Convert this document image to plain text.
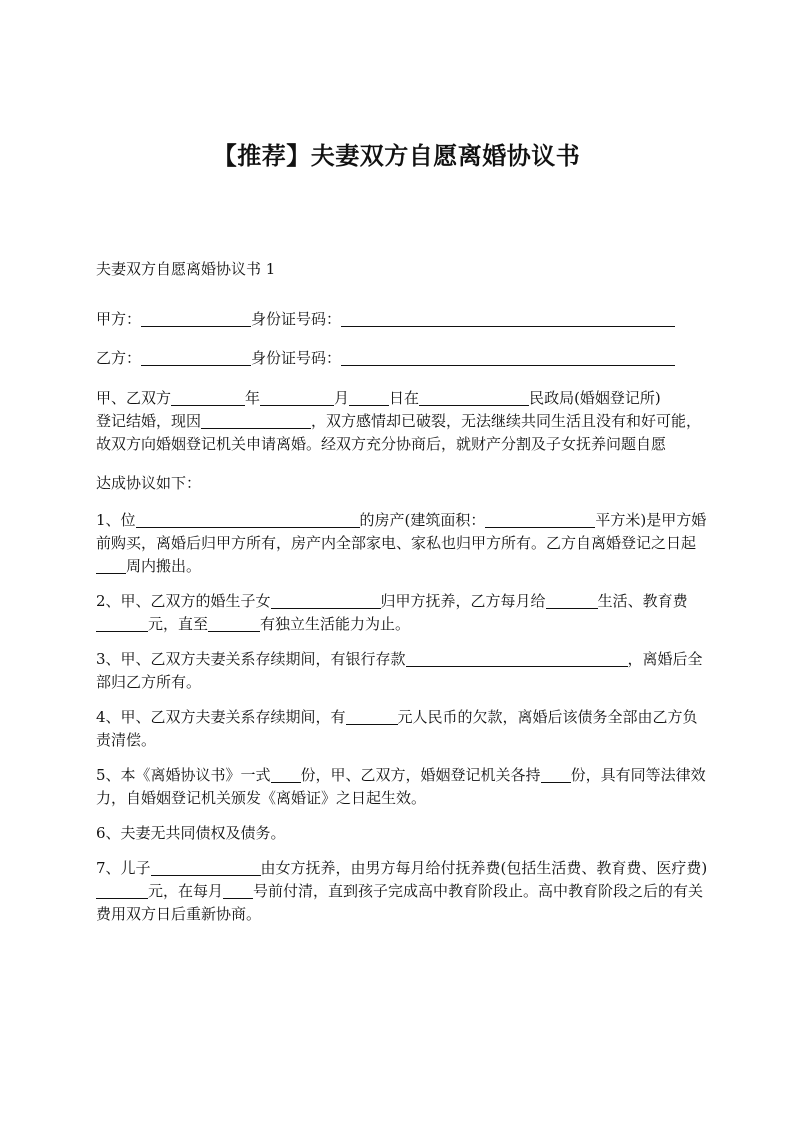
【推荐】夫妻双方自愿离婚协议书

夫妻双方自愿离婚协议书 1

甲方：	身份证号码：

乙方：	身份证号码：

甲、乙双方	年	月	日在	民政局(婚姻登记所)
登记结婚，现因	，双方感情却已破裂，无法继续共同生活且没有和好可能，故双方向婚姻登记机关申请离婚。经双方充分协商后，就财产分割及子女抚养问题自愿

达成协议如下：

1、位	的房产(建筑面积：	平方米)是甲方婚前购买，离婚后归甲方所有，房产内全部家电、家私也归甲方所有。乙方自离婚登记之日起周内搬出。

2、甲、乙双方的婚生子女	归甲方抚养，乙方每月给	生活、教育费元，直至	有独立生活能力为止。

3、甲、乙双方夫妻关系存续期间，有银行存款	，离婚后全部归乙方所有。

4、甲、乙双方夫妻关系存续期间，有	元人民币的欠款，离婚后该债务全部由乙方负责清偿。

5、本《离婚协议书》一式 份，甲、乙双方，婚姻登记机关各持 份，具有同等法律效力，自婚姻登记机关颁发《离婚证》之日起生效。

6、夫妻无共同债权及债务。

7、儿子	由女方抚养，由男方每月给付抚养费(包括生活费、教育费、医疗费)元，在每月 号前付清，直到孩子完成高中教育阶段止。高中教育阶段之后的有关费用双方日后重新协商。
